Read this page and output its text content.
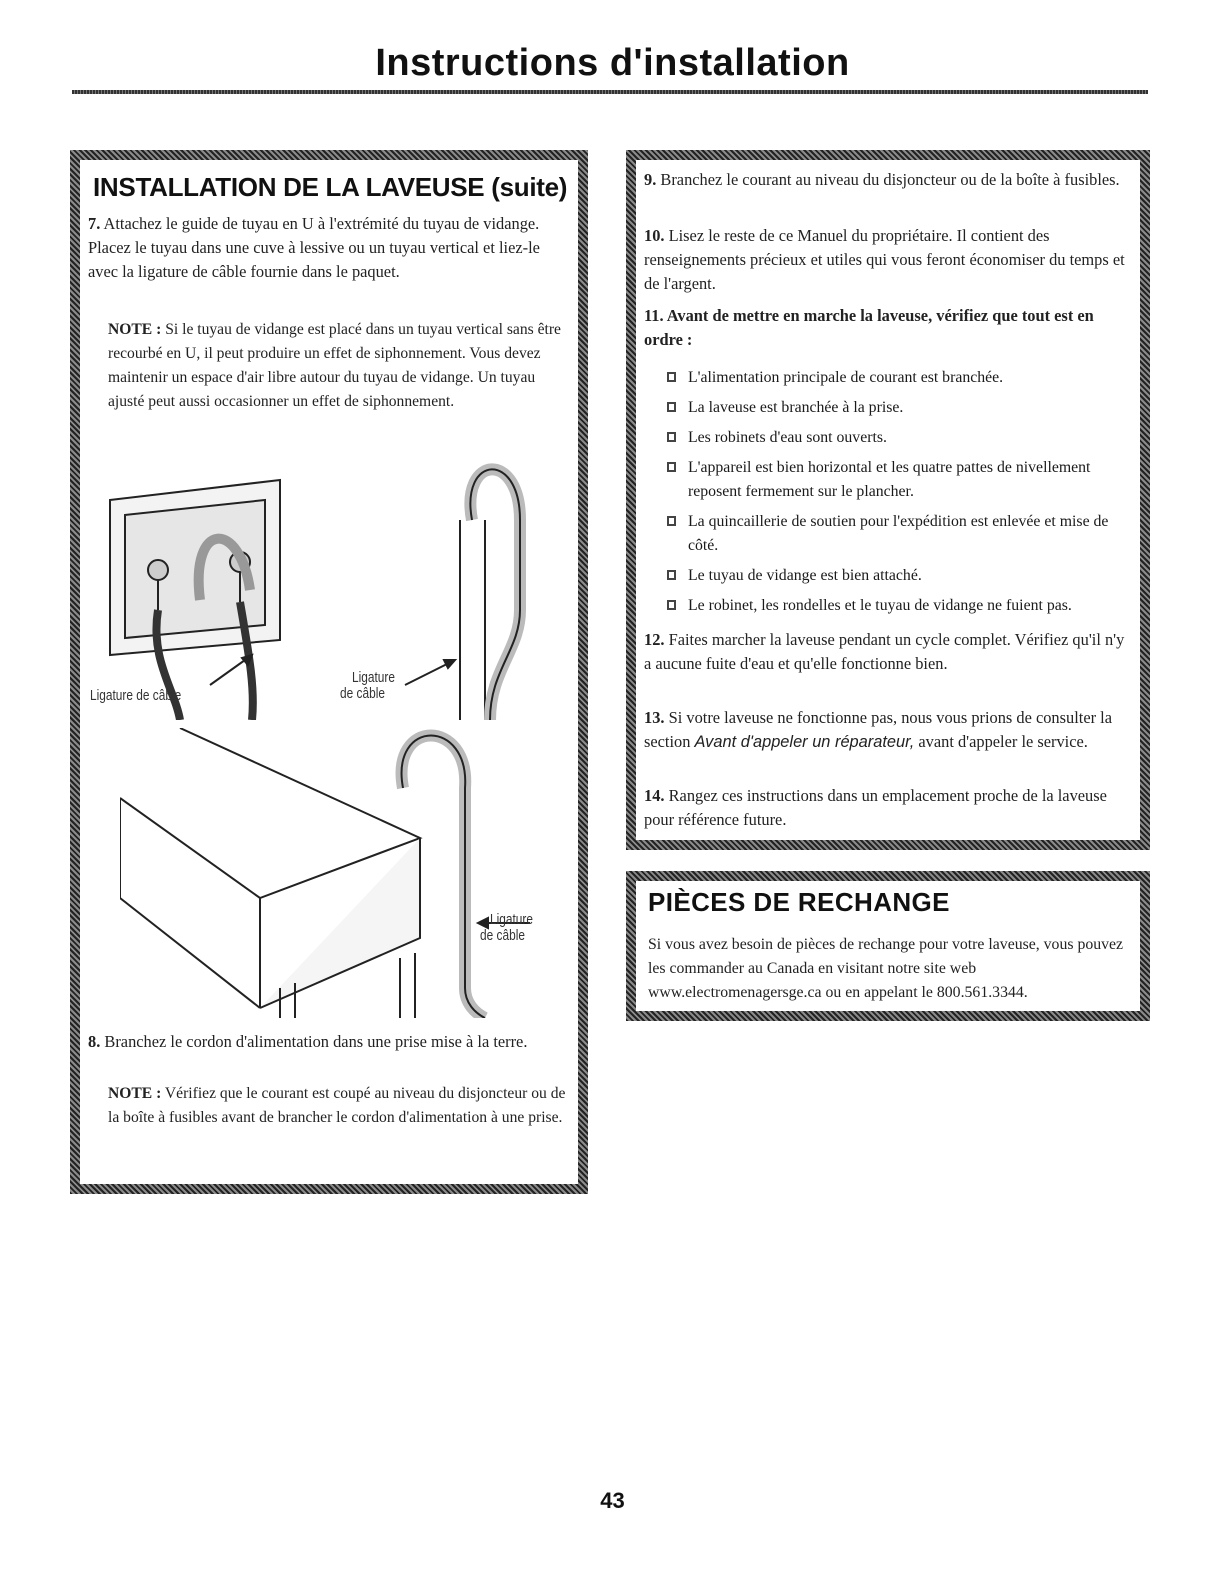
Instructions d'installation
INSTALLATION DE LA LAVEUSE (suite)
7. Attachez le guide de tuyau en U à l'extrémité du tuyau de vidange. Placez le tuyau dans une cuve à lessive ou un tuyau vertical et liez-le avec la ligature de câble fournie dans le paquet.
NOTE : Si le tuyau de vidange est placé dans un tuyau vertical sans être recourbé en U, il peut produire un effet de siphonnement. Vous devez maintenir un espace d'air libre autour du tuyau de vidange. Un tuyau ajusté peut aussi occasionner un effet de siphonnement.
Ligature de câble
Ligature
de câble
Ligature
de câble
8. Branchez le cordon d'alimentation dans une prise mise à la terre.
NOTE : Vérifiez que le courant est coupé au niveau du disjoncteur ou de la boîte à fusibles avant de brancher le cordon d'alimentation à une prise.
9. Branchez le courant au niveau du disjoncteur ou de la boîte à fusibles.
10. Lisez le reste de ce Manuel du propriétaire. Il contient des renseignements précieux et utiles qui vous feront économiser du temps et de l'argent.
11. Avant de mettre en marche la laveuse, vérifiez que tout est en ordre :
L'alimentation principale de courant est branchée.
La laveuse est branchée à la prise.
Les robinets d'eau sont ouverts.
L'appareil est bien horizontal et les quatre pattes de nivellement reposent fermement sur le plancher.
La quincaillerie de soutien pour l'expédition est enlevée et mise de côté.
Le tuyau de vidange est bien attaché.
Le robinet, les rondelles et le tuyau de vidange ne fuient pas.
12. Faites marcher la laveuse pendant un cycle complet. Vérifiez qu'il n'y a aucune fuite d'eau et qu'elle fonctionne bien.
13. Si votre laveuse ne fonctionne pas, nous vous prions de consulter la section Avant d'appeler un réparateur, avant d'appeler le service.
14. Rangez ces instructions dans un emplacement proche de la laveuse pour référence future.
PIÈCES DE RECHANGE
Si vous avez besoin de pièces de rechange pour votre laveuse, vous pouvez les commander au Canada en visitant notre site web www.electromenagersge.ca ou en appelant le 800.561.3344.
43
